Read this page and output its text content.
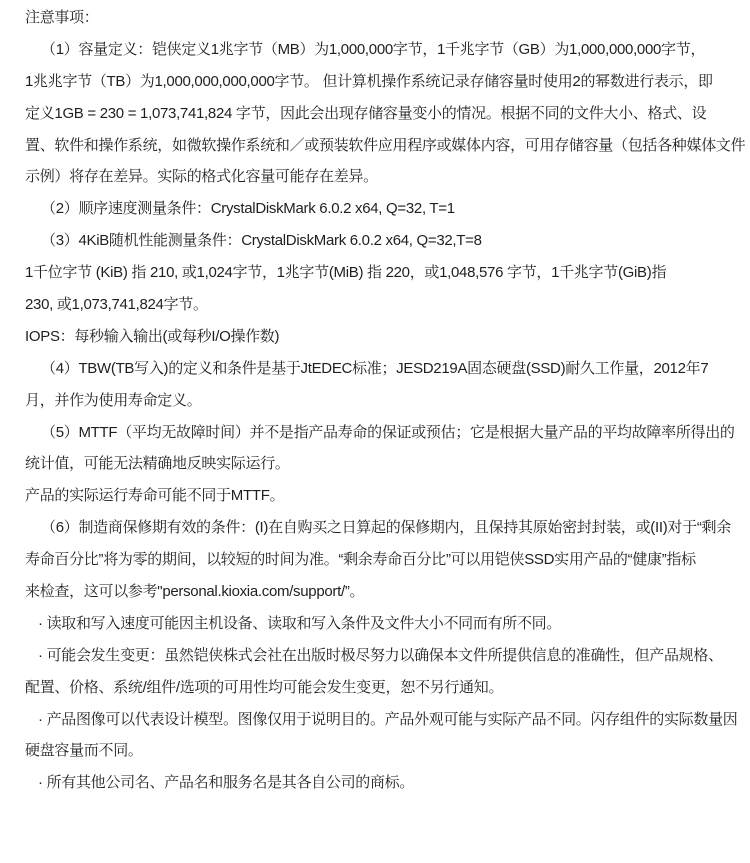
注意事项：
（1）容量定义：铠侠定义1兆字节（MB）为1,000,000字节，1千兆字节（GB）为1,000,000,000字节，
1兆兆字节（TB）为1,000,000,000,000字节。 但计算机操作系统记录存储容量时使用2的幂数进行表示，即
定义1GB = 230 = 1,073,741,824 字节，因此会出现存储容量变小的情况。根据不同的文件大小、格式、设
置、软件和操作系统，如微软操作系统和／或预装软件应用程序或媒体内容，可用存储容量（包括各种媒体文件
示例）将存在差异。实际的格式化容量可能存在差异。
（2）顺序速度测量条件：CrystalDiskMark 6.0.2 x64, Q=32, T=1
（3）4KiB随机性能测量条件：CrystalDiskMark 6.0.2 x64, Q=32,T=8
1千位字节 (KiB) 指 210, 或1,024字节，1兆字节(MiB) 指 220，或1,048,576 字节，1千兆字节(GiB)指
230, 或1,073,741,824字节。
IOPS：每秒输入输出(或每秒I/O操作数)
（4）TBW(TB写入)的定义和条件是基于JtEDEC标准；JESD219A固态硬盘(SSD)耐久工作量，2012年7
月，并作为使用寿命定义。
（5）MTTF（平均无故障时间）并不是指产品寿命的保证或预估；它是根据大量产品的平均故障率所得出的
统计值，可能无法精确地反映实际运行。
产品的实际运行寿命可能不同于MTTF。
（6）制造商保修期有效的条件：(I)在自购买之日算起的保修期内，且保持其原始密封封装，或(II)对于“剩余
寿命百分比”将为零的期间，以较短的时间为准。“剩余寿命百分比”可以用铠侠SSD实用产品的“健康”指标
来检查，这可以参考"personal.kioxia.com/support/”。
· 读取和写入速度可能因主机设备、读取和写入条件及文件大小不同而有所不同。
· 可能会发生变更：虽然铠侠株式会社在出版时极尽努力以确保本文件所提供信息的准确性，但产品规格、
配置、价格、系统/组件/选项的可用性均可能会发生变更，恕不另行通知。
· 产品图像可以代表设计模型。图像仅用于说明目的。产品外观可能与实际产品不同。闪存组件的实际数量因
硬盘容量而不同。
· 所有其他公司名、产品名和服务名是其各自公司的商标。
